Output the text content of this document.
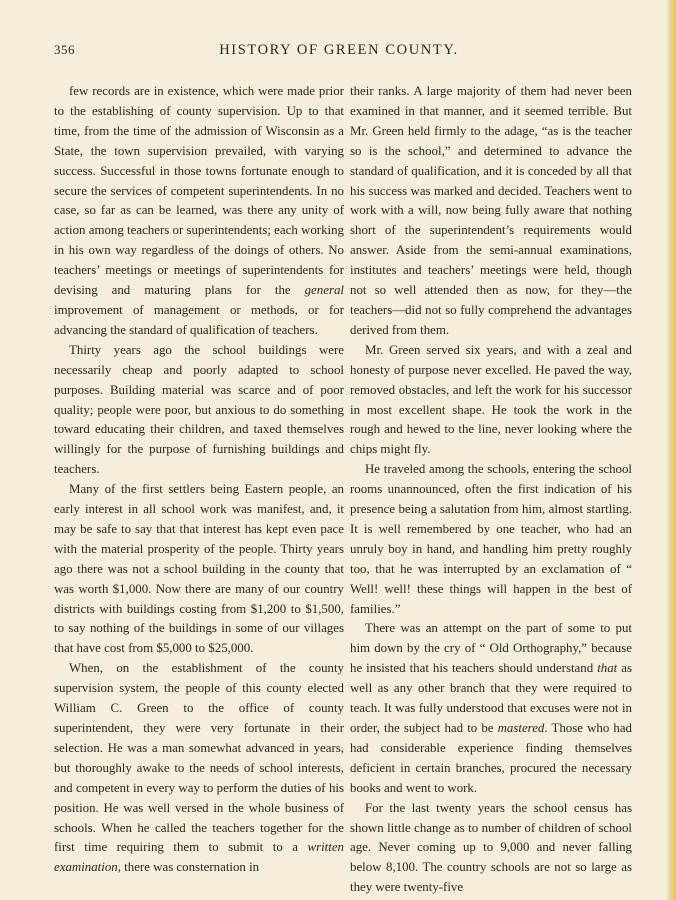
356	HISTORY OF GREEN COUNTY.

few records are in existence, which were made prior to the establishing of county supervision. Up to that time, from the time of the admission of Wisconsin as a State, the town supervision prevailed, with varying success. Successful in those towns fortunate enough to secure the services of competent superintendents. In no case, so far as can be learned, was there any unity of action among teachers or superintendents; each working in his own way regardless of the doings of others. No teachers’ meetings or meetings of superintendents for devising and maturing plans for the general improvement of management or methods, or for advancing the standard of qualification of teachers.

Thirty years ago the school buildings were necessarily cheap and poorly adapted to school purposes. Building material was scarce and of poor quality; people were poor, but anxious to do something toward educating their children, and taxed themselves willingly for the purpose of furnishing buildings and teachers.

Many of the first settlers being Eastern people, an early interest in all school work was manifest, and, it may be safe to say that that interest has kept even pace with the material prosperity of the people. Thirty years ago there was not a school building in the county that was worth $1,000. Now there are many of our country districts with buildings costing from $1,200 to $1,500, to say nothing of the buildings in some of our villages that have cost from $5,000 to $25,000.

When, on the establishment of the county supervision system, the people of this county elected William C. Green to the office of county superintendent, they were very fortunate in their selection. He was a man somewhat advanced in years, but thoroughly awake to the needs of school interests, and competent in every way to perform the duties of his position. He was well versed in the whole business of schools. When he called the teachers together for the first time requiring them to submit to a written examination, there was consternation in

their ranks. A large majority of them had never been examined in that manner, and it seemed terrible. But Mr. Green held firmly to the adage, “as is the teacher so is the school,” and determined to advance the standard of qualification, and it is conceded by all that his success was marked and decided. Teachers went to work with a will, now being fully aware that nothing short of the superintendent’s requirements would answer. Aside from the semi-annual examinations, institutes and teachers’ meetings were held, though not so well attended then as now, for they—the teachers—did not so fully comprehend the advantages derived from them.

Mr. Green served six years, and with a zeal and honesty of purpose never excelled. He paved the way, removed obstacles, and left the work for his successor in most excellent shape. He took the work in the rough and hewed to the line, never looking where the chips might fly.

He traveled among the schools, entering the school rooms unannounced, often the first indication of his presence being a salutation from him, almost startling. It is well remembered by one teacher, who had an unruly boy in hand, and handling him pretty roughly too, that he was interrupted by an exclamation of “ Well! well! these things will happen in the best of families.”

There was an attempt on the part of some to put him down by the cry of “ Old Orthography,” because he insisted that his teachers should understand that as well as any other branch that they were required to teach. It was fully understood that excuses were not in order, the subject had to be mastered. Those who had had considerable experience finding themselves deficient in certain branches, procured the necessary books and went to work.

For the last twenty years the school census has shown little change as to number of children of school age. Never coming up to 9,000 and never falling below 8,100. The country schools are not so large as they were twenty-five
